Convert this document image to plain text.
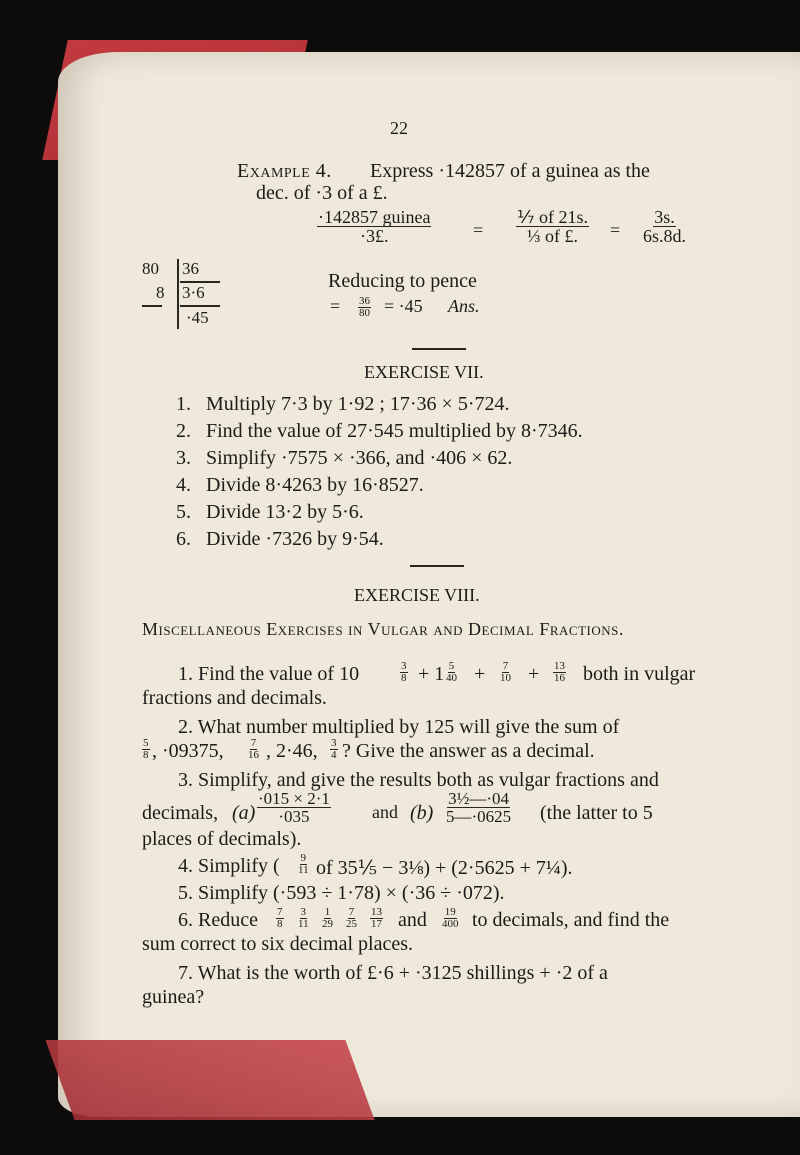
22
Example 4. Express ·142857 of a guinea as the
dec. of ·3 of a £.
·142857 guinea
·3£.	= $\frac{\text{⅐ of 21s.}}{\text{⅓ of £.}} = \frac{3s.}{6s.8d.}$
80 36
8 3·6
·45
Reducing to pence
= $\frac{36}{80} = \cdot 45$ Ans.
EXERCISE VII.
1. Multiply 7·3 by 1·92 ; 17·36 × 5·724.
2. Find the value of 27·545 multiplied by 8·7346.
3. Simplify ·7575 × ·366, and ·406 × 62.
4. Divide 8·4263 by 16·8527.
5. Divide 13·2 by 5·6.
6. Divide ·7326 by 9·54.
EXERCISE VIII.
Miscellaneous Exercises in Vulgar and Decimal Fractions.
1. Find the value of 10	$\frac{3}{8} + 1 \frac{5}{40} + \frac{7}{10} + \frac{13}{16}$ both in vulgar
fractions and decimals.
2. What number multiplied by 125 will give the sum of
$\frac{5}{8}$ , ·09375, $\frac{7}{16}$ , 2·46, $\frac{3}{4}$ ? Give the answer as a decimal.
3. Simplify, and give the results both as vulgar fractions and
decimals, $(a) \frac{\cdot 015 \times 2\cdot 1}{\cdot 035}$ and $(b) \frac{\text{3½—·04}}{5—\cdot 0625} (the$ latter to 5
places of decimals).
4. Simplify ( $\frac{9}{11}$ of 35⅕ − 3⅛) + (2·5625 + 7¼).
5. Simplify (·593 ÷ 1·78) × (·36 ÷ ·072).
6. Reduce $\frac{7}{8} \frac{3}{11} \frac{1}{29} \frac{7}{25} \frac{13}{17}$ and $\frac{19}{400}$ to decimals, and find the
sum correct to six decimal places.
7. What is the worth of £·6 + ·3125 shillings + ·2 of a
guinea?
